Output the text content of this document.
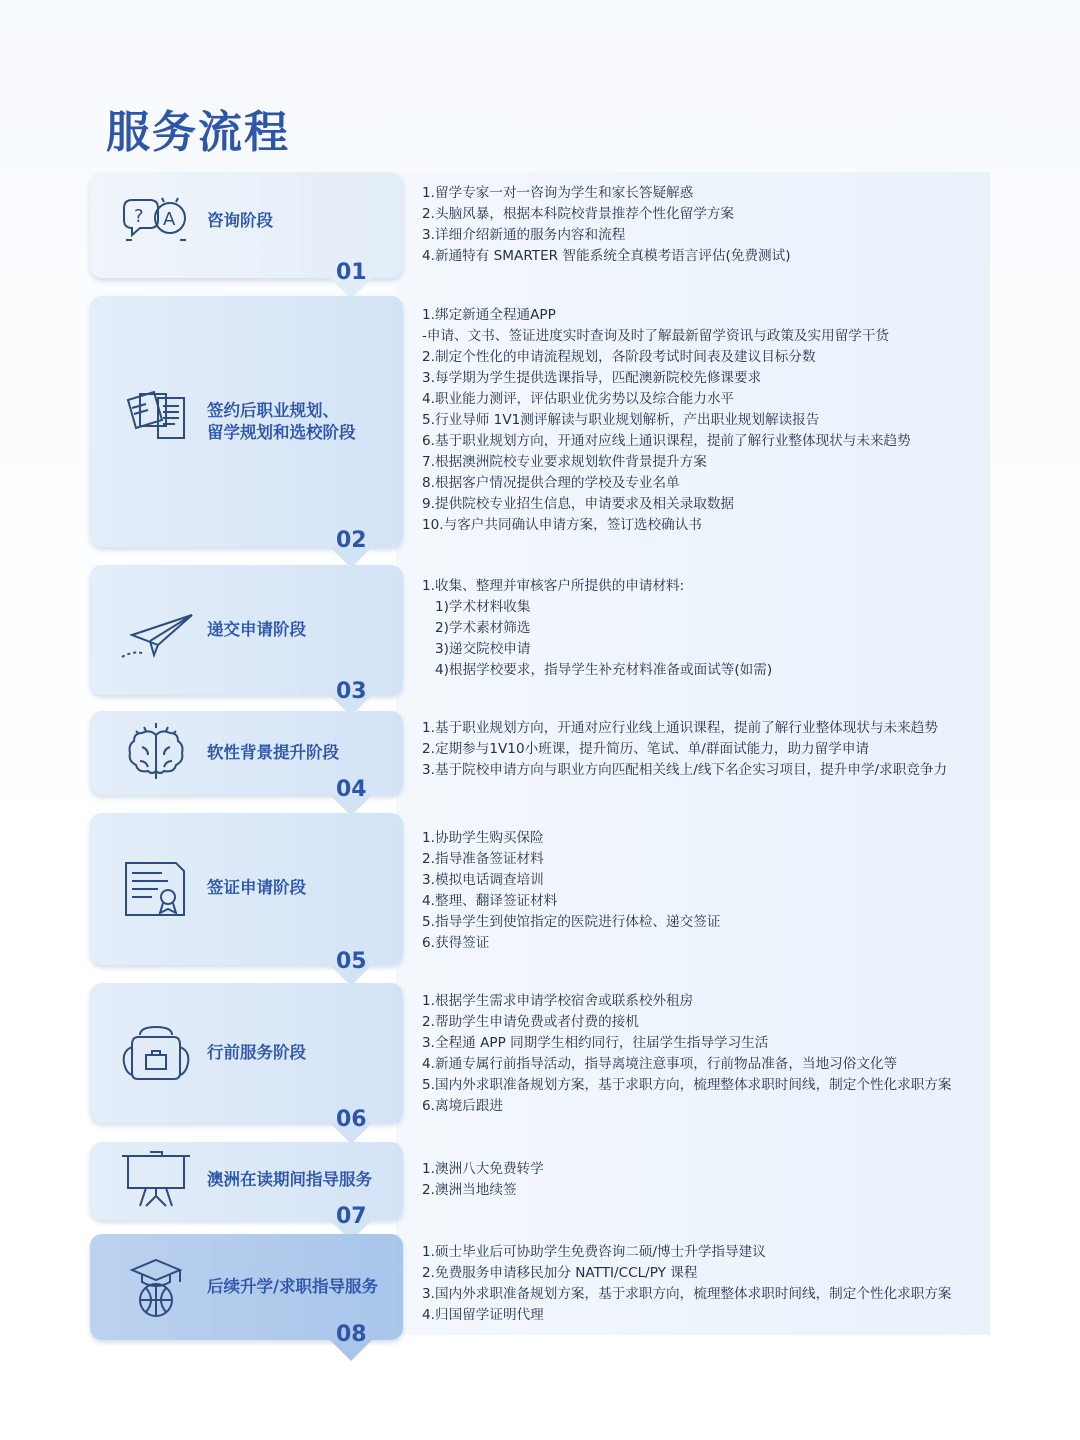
服务流程
? A 咨询阶段
01
1.留学专家一对一咨询为学生和家长答疑解惑
2.头脑风暴，根据本科院校背景推荐个性化留学方案
3.详细介绍新通的服务内容和流程
4.新通特有 SMARTER 智能系统全真模考语言评估(免费测试)
签约后职业规划、
留学规划和选校阶段
02
1.绑定新通全程通APP
-申请、文书、签证进度实时查询及时了解最新留学资讯与政策及实用留学干货
2.制定个性化的申请流程规划，各阶段考试时间表及建议目标分数
3.每学期为学生提供选课指导，匹配澳新院校先修课要求
4.职业能力测评，评估职业优劣势以及综合能力水平
5.行业导师 1V1测评解读与职业规划解析，产出职业规划解读报告
6.基于职业规划方向，开通对应线上通识课程，提前了解行业整体现状与未来趋势
7.根据澳洲院校专业要求规划软件背景提升方案
8.根据客户情况提供合理的学校及专业名单
9.提供院校专业招生信息，申请要求及相关录取数据
10.与客户共同确认申请方案，签订选校确认书
递交申请阶段
03
1.收集、整理并审核客户所提供的申请材料:
1)学术材料收集
2)学术素材筛选
3)递交院校申请
4)根据学校要求，指导学生补充材料准备或面试等(如需)
软性背景提升阶段
04
1.基于职业规划方向，开通对应行业线上通识课程，提前了解行业整体现状与未来趋势
2.定期参与1V10小班课，提升简历、笔试、单/群面试能力，助力留学申请
3.基于院校申请方向与职业方向匹配相关线上/线下名企实习项目，提升申学/求职竞争力
签证申请阶段
05
1.协助学生购买保险
2.指导准备签证材料
3.模拟电话调查培训
4.整理、翻译签证材料
5.指导学生到使馆指定的医院进行体检、递交签证
6.获得签证
行前服务阶段
06
1.根据学生需求申请学校宿舍或联系校外租房
2.帮助学生申请免费或者付费的接机
3.全程通 APP 同期学生相约同行，往届学生指导学习生活
4.新通专属行前指导活动，指导离境注意事项，行前物品准备，当地习俗文化等
5.国内外求职准备规划方案，基于求职方向，梳理整体求职时间线，制定个性化求职方案
6.离境后跟进
澳洲在读期间指导服务
07
1.澳洲八大免费转学
2.澳洲当地续签
后续升学/求职指导服务
08
1.硕士毕业后可协助学生免费咨询二硕/博士升学指导建议
2.免费服务申请移民加分 NATTI/CCL/PY 课程
3.国内外求职准备规划方案，基于求职方向，梳理整体求职时间线，制定个性化求职方案
4.归国留学证明代理
